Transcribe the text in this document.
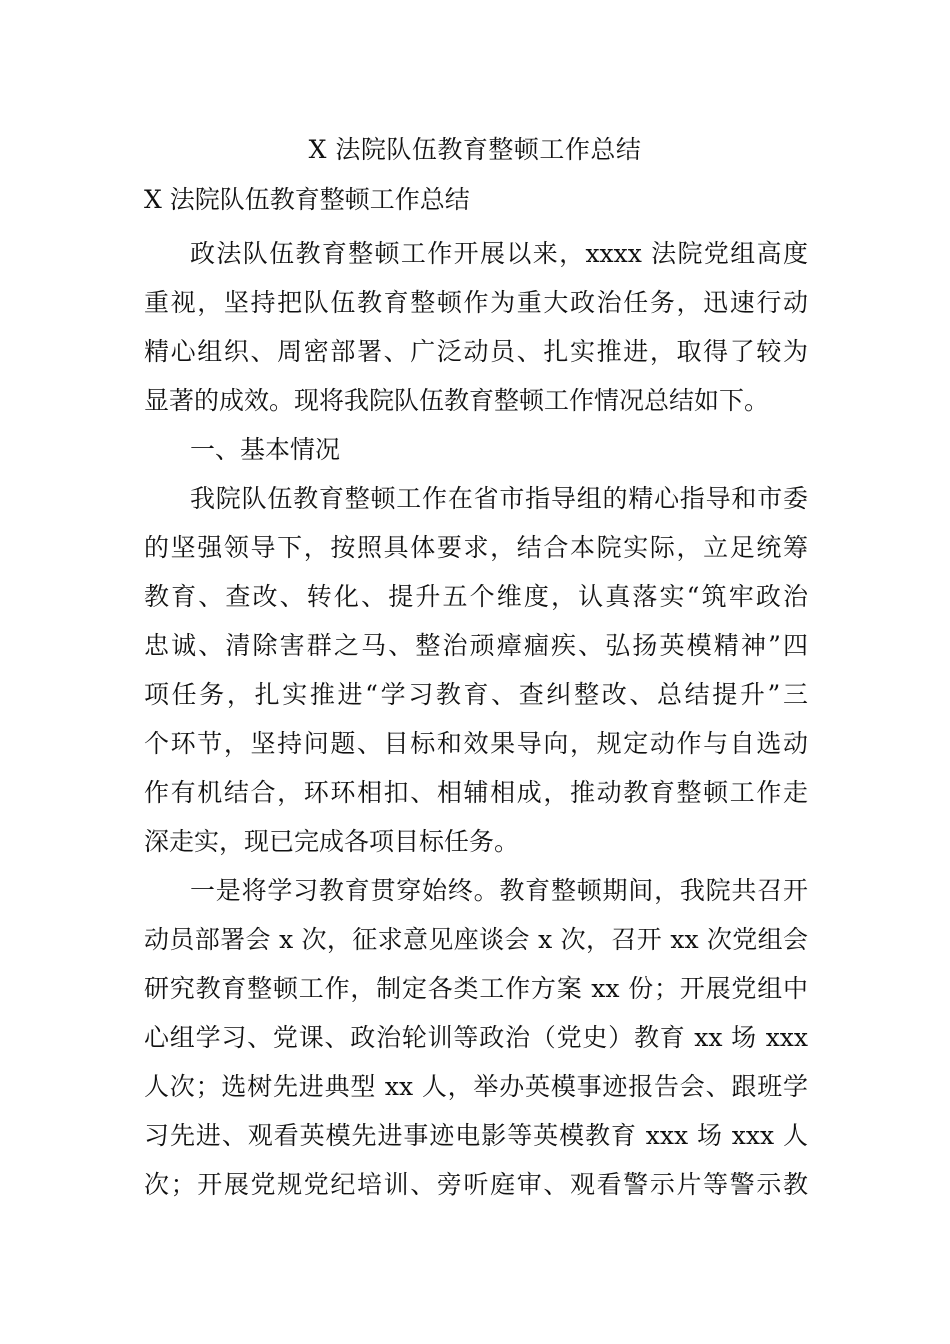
X 法院队伍教育整顿工作总结
X 法院队伍教育整顿工作总结
政法队伍教育整顿工作开展以来，xxxx 法院党组高度
重视，坚持把队伍教育整顿作为重大政治任务，迅速行动
精心组织、周密部署、广泛动员、扎实推进，取得了较为
显著的成效。现将我院队伍教育整顿工作情况总结如下。
一、基本情况
我院队伍教育整顿工作在省市指导组的精心指导和市委
的坚强领导下，按照具体要求，结合本院实际，立足统筹
教育、查改、转化、提升五个维度，认真落实“筑牢政治
忠诚、清除害群之马、整治顽瘴痼疾、弘扬英模精神”四
项任务，扎实推进“学习教育、查纠整改、总结提升”三
个环节，坚持问题、目标和效果导向，规定动作与自选动
作有机结合，环环相扣、相辅相成，推动教育整顿工作走
深走实，现已完成各项目标任务。
一是将学习教育贯穿始终。教育整顿期间，我院共召开
动员部署会 x 次，征求意见座谈会 x 次，召开 xx 次党组会
研究教育整顿工作，制定各类工作方案 xx 份；开展党组中
心组学习、党课、政治轮训等政治（党史）教育 xx 场 xxx
人次；选树先进典型 xx 人，举办英模事迹报告会、跟班学
习先进、观看英模先进事迹电影等英模教育 xxx 场 xxx 人
次；开展党规党纪培训、旁听庭审、观看警示片等警示教
